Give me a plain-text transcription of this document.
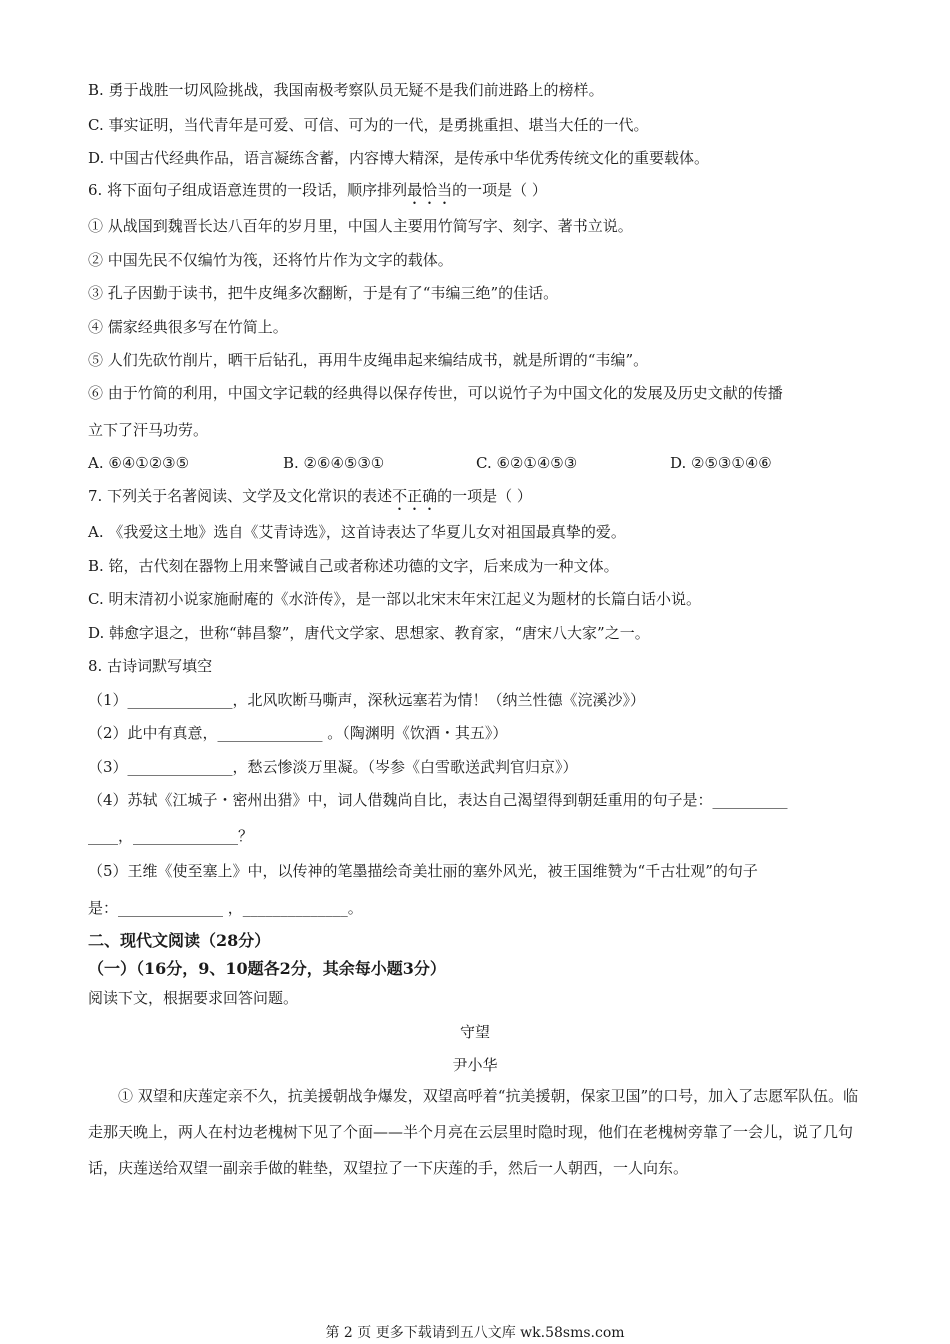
B. 勇于战胜一切风险挑战，我国南极考察队员无疑不是我们前进路上的榜样。
C. 事实证明，当代青年是可爱、可信、可为的一代，是勇挑重担、堪当大任的一代。
D. 中国古代经典作品，语言凝练含蓄，内容博大精深，是传承中华优秀传统文化的重要载体。
6. 将下面句子组成语意连贯的一段话，顺序排列最恰当的一项是（ ）
① 从战国到魏晋长达八百年的岁月里，中国人主要用竹简写字、刻字、著书立说。
② 中国先民不仅编竹为筏，还将竹片作为文字的载体。
③ 孔子因勤于读书，把牛皮绳多次翻断，于是有了“韦编三绝”的佳话。
④ 儒家经典很多写在竹简上。
⑤ 人们先砍竹削片，晒干后钻孔，再用牛皮绳串起来编结成书，就是所谓的“韦编”。
⑥ 由于竹简的利用，中国文字记载的经典得以保存传世，可以说竹子为中国文化的发展及历史文献的传播
立下了汗马功劳。
A. ⑥④①②③⑤	B. ②⑥④⑤③①	C. ⑥②①④⑤③	D. ②⑤③①④⑥
7. 下列关于名著阅读、文学及文化常识的表述不正确的一项是（ ）
A. 《我爱这土地》选自《艾青诗选》，这首诗表达了华夏儿女对祖国最真挚的爱。
B. 铭，古代刻在器物上用来警诫自己或者称述功德的文字，后来成为一种文体。
C. 明末清初小说家施耐庵的《水浒传》，是一部以北宋末年宋江起义为题材的长篇白话小说。
D. 韩愈字退之，世称“韩昌黎”，唐代文学家、思想家、教育家，“唐宋八大家”之一。
8. 古诗词默写填空
（1）______________，北风吹断马嘶声，深秋远塞若为情！（纳兰性德《浣溪沙》）
（2）此中有真意，______________ 。（陶渊明《饮酒・其五》）
（3）______________，愁云惨淡万里凝。（岑参《白雪歌送武判官归京》）
（4）苏轼《江城子・密州出猎》中，词人借魏尚自比，表达自己渴望得到朝廷重用的句子是：__________
____，______________？
（5）王维《使至塞上》中，以传神的笔墨描绘奇美壮丽的塞外风光，被王国维赞为“千古壮观”的句子
是：______________ ，______________。
二、现代文阅读（28分）
（一）（16分，9、10题各2分，其余每小题3分）
阅读下文，根据要求回答问题。
守望
尹小华
① 双望和庆莲定亲不久，抗美援朝战争爆发，双望高呼着“抗美援朝，保家卫国”的口号，加入了志愿军队伍。临走那天晚上，两人在村边老槐树下见了个面——半个月亮在云层里时隐时现，他们在老槐树旁靠了一会儿，说了几句话，庆莲送给双望一副亲手做的鞋垫，双望拉了一下庆莲的手，然后一人朝西，一人向东。
第 2 页 更多下载请到五八文库 wk.58sms.com
